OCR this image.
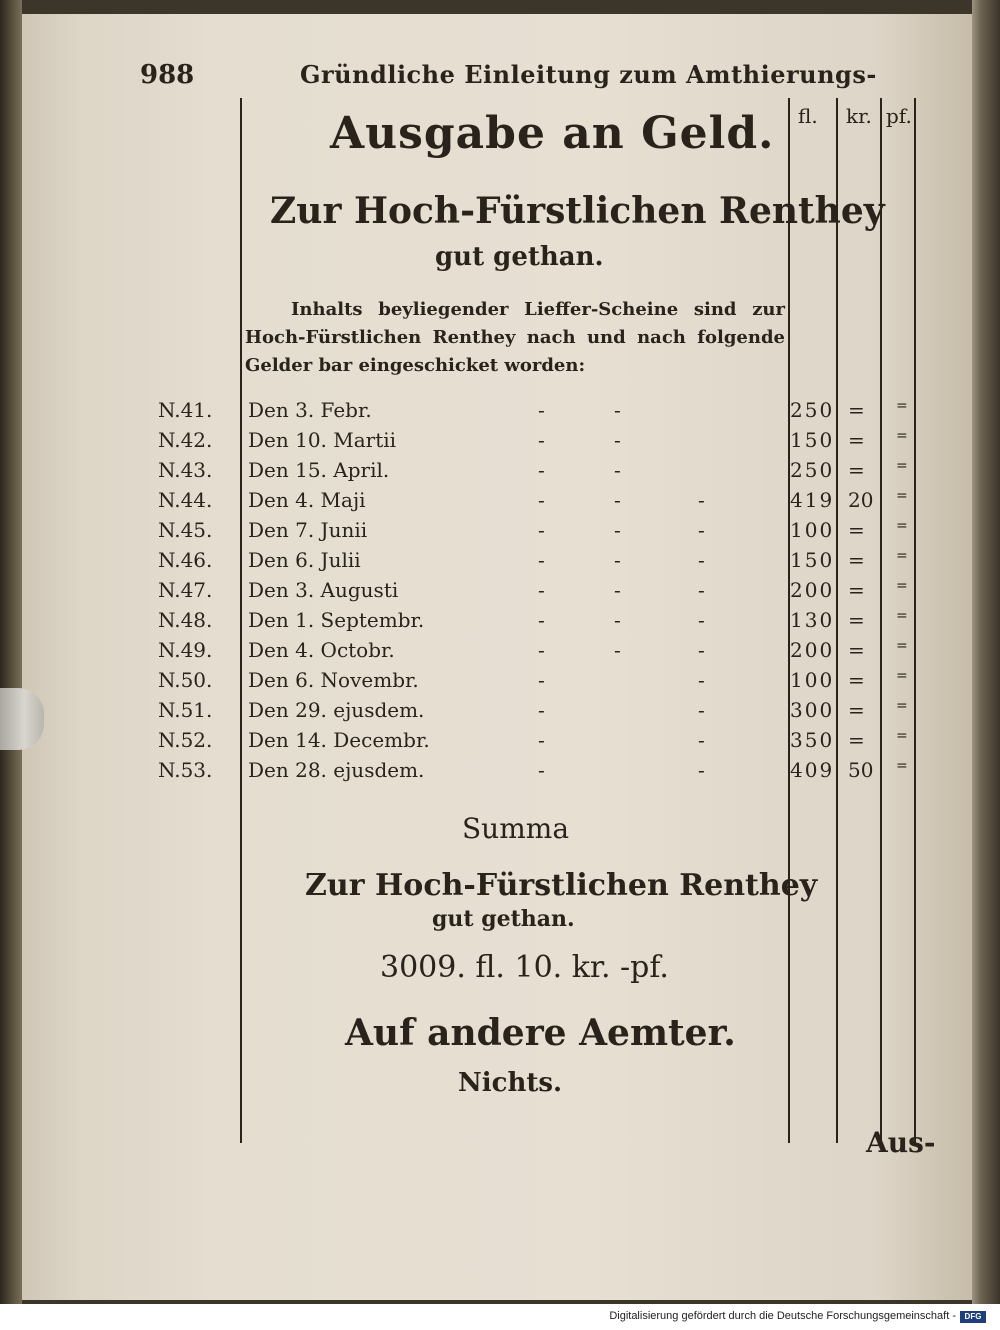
988	Gründliche Einleitung zum Amthierungs-
fl. kr. pf.
Ausgabe an Geld.
Zur Hoch-Fürstlichen Renthey
gut gethan.
Inhalts beyliegender Lieffer-Scheine sind zur Hoch-Fürstlichen Renthey nach und nach folgende Gelder bar eingeschicket worden:
N.41. Den 3. Febr.	-	-	250 =	=
N.42. Den 10. Martii	-	-	150 =	=
N.43. Den 15. April.	-	-	250 =	=
N.44. Den 4. Maji	-	-	-	419 20	=
N.45. Den 7. Junii	-	-	-	100 =	=
N.46. Den 6. Julii	-	-	-	150 =	=
N.47. Den 3. Augusti	-	-	-	200 =	=
N.48. Den 1. Septembr.	-	-	-	130 =	=
N.49. Den 4. Octobr.	-	-	-	200 =	=
N.50. Den 6. Novembr.	-	-	100 =	=
N.51. Den 29. ejusdem.	-	-	300 =	=
N.52. Den 14. Decembr.	-	-	350 =	=
N.53. Den 28. ejusdem.	-	-	409 50	=
Summa
Zur Hoch-Fürstlichen Renthey
gut gethan.
3009. fl. 10. kr. -pf.
Auf andere Aemter.
Nichts.
Aus-
Digitalisierung gefördert durch die Deutsche Forschungsgemeinschaft -	DFG
